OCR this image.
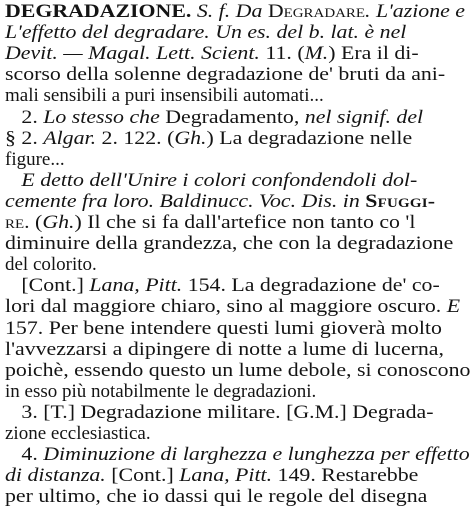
DEGRADAZIONE. S. f. Da Degradare. L'azione e
L'effetto del degradare. Un es. del b. lat. è nel
Devit. — Magal. Lett. Scient. 11. (M.) Era il di-
scorso della solenne degradazione de' bruti da ani-
mali sensibili a puri insensibili automati...
2. Lo stesso che Degradamento, nel signif. del
§ 2. Algar. 2. 122. (Gh.) La degradazione nelle
figure...
E detto dell'Unire i colori confondendoli dol-
cemente fra loro. Baldinucc. Voc. Dis. in Sfuggi-
re. (Gh.) Il che si fa dall'artefice non tanto co 'l
diminuire della grandezza, che con la degradazione
del colorito.
[Cont.] Lana, Pitt. 154. La degradazione de' co-
lori dal maggiore chiaro, sino al maggiore oscuro. E
157. Per bene intendere questi lumi gioverà molto
l'avvezzarsi a dipingere di notte a lume di lucerna,
poichè, essendo questo un lume debole, si conoscono
in esso più notabilmente le degradazioni.
3. [T.] Degradazione militare. [G.M.] Degrada-
zione ecclesiastica.
4. Diminuzione di larghezza e lunghezza per effetto
di distanza. [Cont.] Lana, Pitt. 149. Restarebbe
per ultimo, che io dassi qui le regole del disegna
